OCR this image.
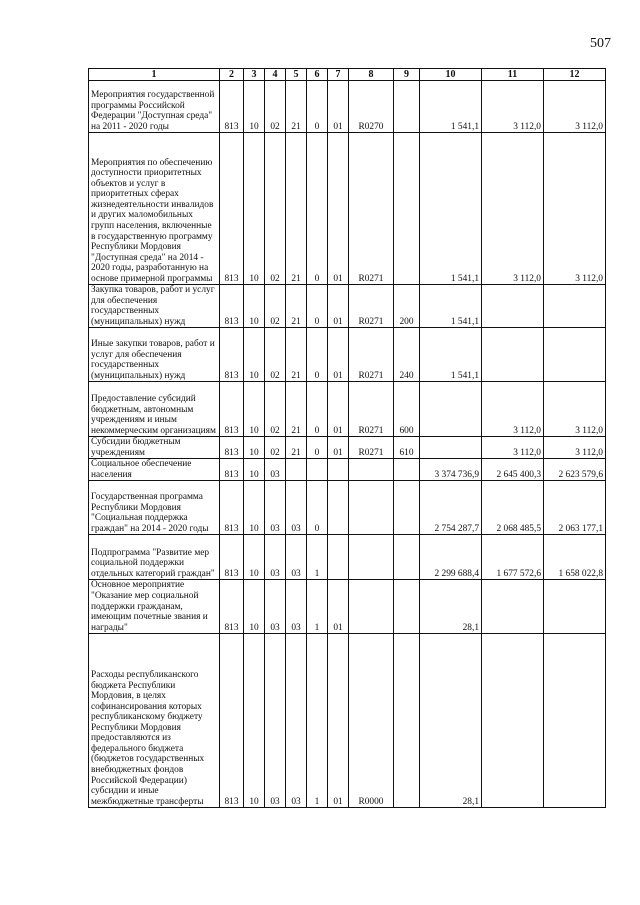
507
1	2	3	4	5	6	7	8	9	10	11	12
Мероприятия государственной программы Российской Федерации "Доступная среда" на 2011 - 2020 годы	813	10	02	21	0	01	R0270		1 541,1	3 112,0	3 112,0
Мероприятия по обеспечению доступности приоритетных объектов и услуг в приоритетных сферах жизнедеятельности инвалидов и других маломобильных групп населения, включенные в государственную программу Республики Мордовия "Доступная среда" на 2014 - 2020 годы, разработанную на основе примерной программы	813	10	02	21	0	01	R0271		1 541,1	3 112,0	3 112,0
Закупка товаров, работ и услуг для обеспечения государственных (муниципальных) нужд	813	10	02	21	0	01	R0271	200	1 541,1		
Иные закупки товаров, работ и услуг для обеспечения государственных (муниципальных) нужд	813	10	02	21	0	01	R0271	240	1 541,1		
Предоставление субсидий бюджетным, автономным учреждениям и иным некоммерческим организациям	813	10	02	21	0	01	R0271	600		3 112,0	3 112,0
Субсидии бюджетным учреждениям	813	10	02	21	0	01	R0271	610		3 112,0	3 112,0
Социальное обеспечение населения	813	10	03						3 374 736,9	2 645 400,3	2 623 579,6
Государственная программа Республики Мордовия "Социальная поддержка граждан" на 2014 - 2020 годы	813	10	03	03	0				2 754 287,7	2 068 485,5	2 063 177,1
Подпрограмма "Развитие мер социальной поддержки отдельных категорий граждан"	813	10	03	03	1				2 299 688,4	1 677 572,6	1 658 022,8
Основное мероприятие "Оказание мер социальной поддержки гражданам, имеющим почетные звания и награды"	813	10	03	03	1	01			28,1		
Расходы республиканского бюджета Республики Мордовия, в целях софинансирования которых республиканскому бюджету Республики Мордовия предоставляются из федерального бюджета (бюджетов государственных внебюджетных фондов Российской Федерации) субсидии и иные межбюджетные трансферты	813	10	03	03	1	01	R0000		28,1		
